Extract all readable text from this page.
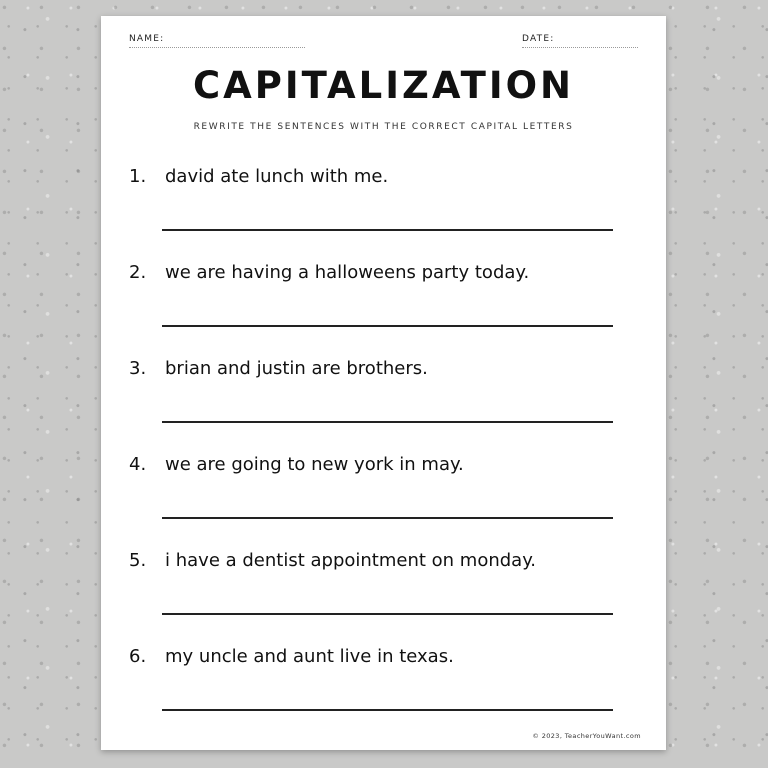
NAME:	DATE:
CAPITALIZATION
REWRITE THE SENTENCES WITH THE CORRECT CAPITAL LETTERS
1. david ate lunch with me.
2. we are having a halloweens party today.
3. brian and justin are brothers.
4. we are going to new york in may.
5. i have a dentist appointment on monday.
6. my uncle and aunt live in texas.
© 2023, TeacherYouWant.com
